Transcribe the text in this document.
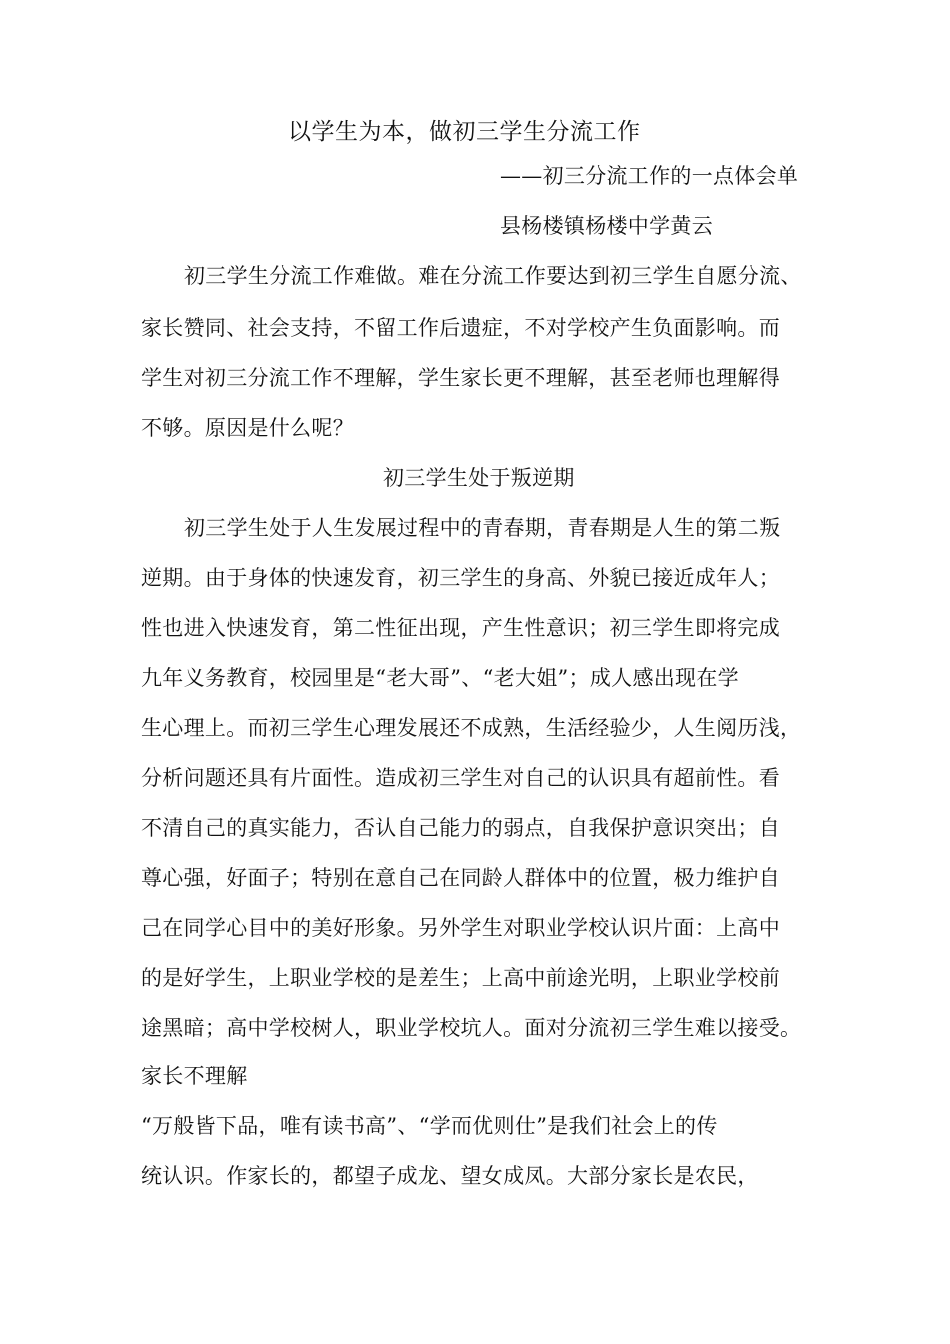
以学生为本，做初三学生分流工作
——初三分流工作的一点体会单
县杨楼镇杨楼中学黄云
初三学生分流工作难做。难在分流工作要达到初三学生自愿分流、
家长赞同、社会支持，不留工作后遗症，不对学校产生负面影响。而
学生对初三分流工作不理解，学生家长更不理解，甚至老师也理解得
不够。原因是什么呢？
初三学生处于叛逆期
初三学生处于人生发展过程中的青春期，青春期是人生的第二叛
逆期。由于身体的快速发育，初三学生的身高、外貌已接近成年人；
性也进入快速发育，第二性征出现，产生性意识；初三学生即将完成
九年义务教育，校园里是“老大哥”、“老大姐”；成人感出现在学
生心理上。而初三学生心理发展还不成熟，生活经验少，人生阅历浅，
分析问题还具有片面性。造成初三学生对自己的认识具有超前性。看
不清自己的真实能力，否认自己能力的弱点，自我保护意识突出；自
尊心强，好面子；特别在意自己在同龄人群体中的位置，极力维护自
己在同学心目中的美好形象。另外学生对职业学校认识片面：上高中
的是好学生，上职业学校的是差生；上高中前途光明，上职业学校前
途黑暗；高中学校树人，职业学校坑人。面对分流初三学生难以接受。
家长不理解
“万般皆下品，唯有读书高”、“学而优则仕”是我们社会上的传
统认识。作家长的，都望子成龙、望女成凤。大部分家长是农民，
